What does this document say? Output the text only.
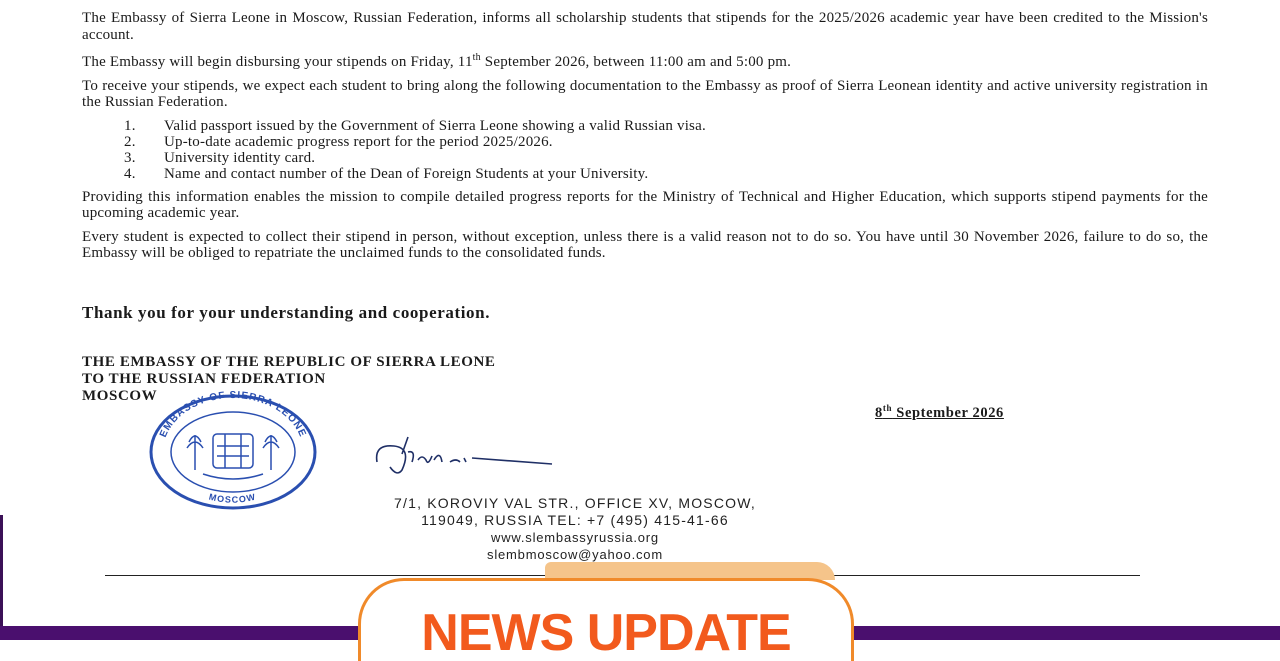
The Embassy of Sierra Leone in Moscow, Russian Federation, informs all scholarship students that stipends for the 2025/2026 academic year have been credited to the Mission's account.

The Embassy will begin disbursing your stipends on Friday, 11th September 2026, between 11:00 am and 5:00 pm.

To receive your stipends, we expect each student to bring along the following documentation to the Embassy as proof of Sierra Leonean identity and active university registration in the Russian Federation.

1.	Valid passport issued by the Government of Sierra Leone showing a valid Russian visa.
2.	Up-to-date academic progress report for the period 2025/2026.
3.	University identity card.
4.	Name and contact number of the Dean of Foreign Students at your University.

Providing this information enables the mission to compile detailed progress reports for the Ministry of Technical and Higher Education, which supports stipend payments for the upcoming academic year.

Every student is expected to collect their stipend in person, without exception, unless there is a valid reason not to do so. You have until 30 November 2026, failure to do so, the Embassy will be obliged to repatriate the unclaimed funds to the consolidated funds.

Thank you for your understanding and cooperation.
THE EMBASSY OF THE REPUBLIC OF SIERRA LEONE
TO THE RUSSIAN FEDERATION
MOSCOW
8th September 2026
EMBASSY OF SIERRA LEONE
MOSCOW	7/1, KOROVIY VAL STR., OFFICE XV, MOSCOW,
119049, RUSSIA TEL: +7 (495) 415-41-66
www.slembassyrussia.org
slembmoscow@yahoo.com
NEWS UPDATE
